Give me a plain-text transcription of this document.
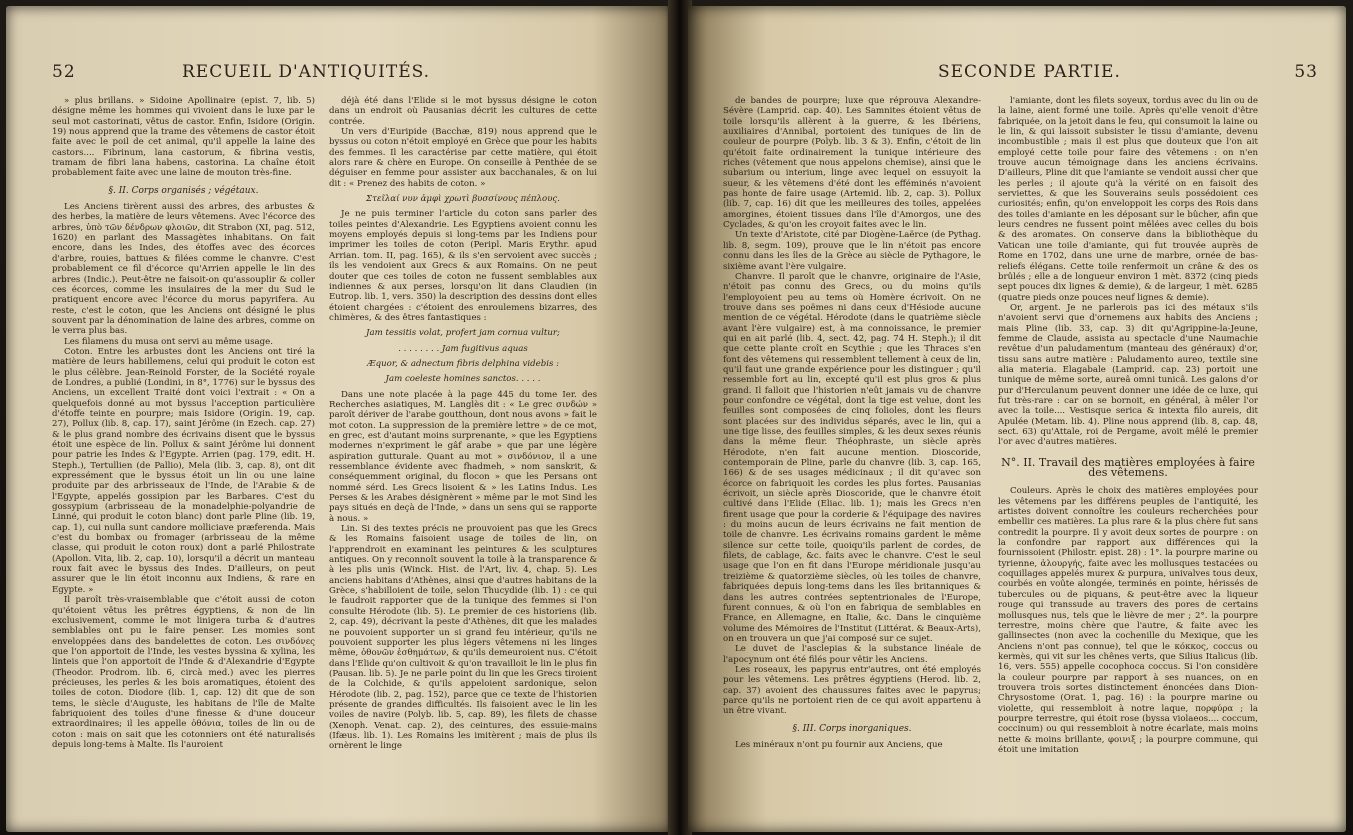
52	RECUEIL D'ANTIQUITÉS.

» plus brillans. » Sidoine Apollinaire (epist. 7, lib. 5) désigne même les hommes qui vivoient dans le luxe par le seul mot castorinati, vêtus de castor. Enfin, Isidore (Origin. 19) nous apprend que la trame des vêtemens de castor étoit faite avec le poil de cet animal, qu'il appelle la laine des castors.... Fibrinum, lana castorum, & fibrina vestis, tramam de fibri lana habens, castorina. La chaîne étoit probablement faite avec une laine de mouton très-fine.

§. II. Corps organisés ; végétaux.

Les Anciens tirèrent aussi des arbres, des arbustes & des herbes, la matière de leurs vêtemens. Avec l'écorce des arbres, ὑπὸ τῶν δένδρων φλοιῶν, dit Strabon (XI, pag. 512, 1620) en parlant des Massagètes inhabitans. On fait encore, dans les Indes, des étoffes avec des écorces d'arbre, rouies, battues & filées comme le chanvre. C'est probablement ce fil d'écorce qu'Arrien appelle le lin des arbres (Indic.). Peut-être ne faisoit-on qu'assouplir & coller ces écorces, comme les insulaires de la mer du Sud le pratiquent encore avec l'écorce du morus papyrifera. Au reste, c'est le coton, que les Anciens ont désigné le plus souvent par la dénomination de laine des arbres, comme on le verra plus bas.

Les filamens du musa ont servi au même usage.

Coton. Entre les arbustes dont les Anciens ont tiré la matière de leurs habillemens, celui qui produit le coton est le plus célèbre. Jean-Reinold Forster, de la Société royale de Londres, a publié (Londini, in 8°, 1776) sur le byssus des Anciens, un excellent Traité dont voici l'extrait : « On a quelquefois donné au mot byssus l'acception particulière d'étoffe teinte en pourpre; mais Isidore (Origin. 19, cap. 27), Pollux (lib. 8, cap. 17), saint Jérôme (in Ezech. cap. 27) & le plus grand nombre des écrivains disent que le byssus étoit une espèce de lin. Pollux & saint Jérôme lui donnent pour patrie les Indes & l'Egypte. Arrien (pag. 179, edit. H. Steph.), Tertullien (de Pallio), Mela (lib. 3, cap. 8), ont dit expressément que le byssus étoit un lin ou une laine produite par des arbrisseaux de l'Inde, de l'Arabie & de l'Egypte, appelés gossipion par les Barbares. C'est du gossypium (arbrisseau de la monadelphie-polyandrie de Linné, qui produit le coton blanc) dont parle Pline (lib. 19, cap. 1), cui nulla sunt candore molliciave præferenda. Mais c'est du bombax ou fromager (arbrisseau de la même classe, qui produit le coton roux) dont a parlé Philostrate (Apollon. Vita, lib. 2, cap. 10), lorsqu'il a décrit un manteau roux fait avec le byssus des Indes. D'ailleurs, on peut assurer que le lin étoit inconnu aux Indiens, & rare en Egypte. »

Il paroît très-vraisemblable que c'étoit aussi de coton qu'étoient vêtus les prêtres égyptiens, & non de lin exclusivement, comme le mot linigera turba & d'autres semblables ont pu le faire penser. Les momies sont enveloppées dans des bandelettes de coton. Les σινδόνες que l'on apportoit de l'Inde, les vestes byssina & xylina, les linteis que l'on apportoit de l'Inde & d'Alexandrie d'Egypte (Theodor. Prodrom. lib. 6, circà med.) avec les pierres précieuses, les perles & les bois aromatiques, étoient des toiles de coton. Diodore (lib. 1, cap. 12) dit que de son tems, le siècle d'Auguste, les habitans de l'île de Malte fabriquoient des toiles d'une finesse & d'une douceur extraordinaires; il les appelle ὀθόνια, toiles de lin ou de coton : mais on sait que les cotonniers ont été naturalisés depuis long-tems à Malte. Ils l'auroient

déjà été dans l'Elide si le mot byssus désigne le coton dans un endroit où Pausanias décrit les cultures de cette contrée.

Un vers d'Euripide (Bacchæ, 819) nous apprend que le byssus ou coton n'étoit employé en Grèce que pour les habits des femmes. Il les caractérise par cette matière, qui étoit alors rare & chère en Europe. On conseille à Penthée de se déguiser en femme pour assister aux bacchanales, & on lui dit : « Prenez des habits de coton. »

Στεῖλαί νυν ἀμφὶ χρωτὶ βυσσίνους πέπλους.

Je ne puis terminer l'article du coton sans parler des toiles peintes d'Alexandrie. Les Egyptiens avoient connu les moyens employés depuis si long-tems par les Indiens pour imprimer les toiles de coton (Peripl. Maris Erythr. apud Arrian. tom. II, pag. 165), & ils s'en servoient avec succès ; ils les vendoient aux Grecs & aux Romains. On ne peut douter que ces toiles de coton ne fussent semblables aux indiennes & aux perses, lorsqu'on lit dans Claudien (in Eutrop. lib. 1, vers. 350) la description des dessins dont elles étoient chargées : c'étoient des enroulemens bizarres, des chimères, & des êtres fantastiques :

Jam tessitis volat, profert jam cornua vultur;

. . . . . . . . Jam fugitivus aquas

Æquor, & adnectum fibris delphina videbis :

Jam coeleste homines sanctos. . . . .

Dans une note placée à la page 445 du tome Ier. des Recherches asiatiques, M. Langlès dit : « Le grec σινδών » paroît dériver de l'arabe goutthoun, dont nous avons » fait le mot coton. La suppression de la première lettre » de ce mot, en grec, est d'autant moins surprenante, » que les Egyptiens modernes n'expriment le gâf arabe » que par une légère aspiration gutturale. Quant au mot » σινδόνιον, il a une ressemblance évidente avec fhadmeh, » nom sanskrit, & conséquemment original, du flocon » que les Persans ont nommé sérd. Les Grecs lisoient & » les Latins Indus. Les Perses & les Arabes désignèrent » même par le mot Sind les pays situés en deçà de l'Inde, » dans un sens qui se rapporte à nous. »

Lin. Si des textes précis ne prouvoient pas que les Grecs & les Romains faisoient usage de toiles de lin, on l'apprendroit en examinant les peintures & les sculptures antiques. On y reconnoît souvent la toile à la transparence & à les plis unis (Winck. Hist. de l'Art, liv. 4, chap. 5). Les anciens habitans d'Athènes, ainsi que d'autres habitans de la Grèce, s'habilloient de toile, selon Thucydide (lib. 1) : ce qui le faudroit rapporter que de la tunique des femmes si l'on consulte Hérodote (lib. 5). Le premier de ces historiens (lib. 2, cap. 49), décrivant la peste d'Athènes, dit que les malades ne pouvoient supporter un si grand feu intérieur, qu'ils ne pouvoient supporter les plus légers vêtemens ni les linges même, ὀθονῶν ἐσθημάτων, & qu'ils demeuroient nus. C'étoit dans l'Elide qu'on cultivoit & qu'on travailloit le lin le plus fin (Pausan. lib. 5). Je ne parle point du lin que les Grecs tiroient de la Colchide, & qu'ils appeloient sardonique, selon Hérodote (lib. 2, pag. 152), parce que ce texte de l'historien présente de grandes difficultés. Ils faisoient avec le lin les voiles de navire (Polyb. lib. 5, cap. 89), les filets de chasse (Xenoph. Venat. cap. 2), des ceintures, des essuie-mains (Ifæus. lib. 1). Les Romains les imitèrent ; mais de plus ils ornèrent le linge

SECONDE PARTIE.	53

de bandes de pourpre; luxe que réprouva Alexandre-Sévère (Lamprid. cap. 40). Les Samnites étoient vêtus de toile lorsqu'ils allèrent à la guerre, & les Ibériens, auxiliaires d'Annibal, portoient des tuniques de lin de couleur de pourpre (Polyb. lib. 3 & 3). Enfin, c'étoit de lin qu'étoit faite ordinairement la tunique intérieure des riches (vêtement que nous appelons chemise), ainsi que le subarium ou interium, linge avec lequel on essuyoit la sueur, & les vêtemens d'été dont les efféminés n'avoient pas honte de faire usage (Artemid. lib. 2, cap. 3). Pollux (lib. 7, cap. 16) dit que les meilleures des toiles, appelées amorgines, étoient tissues dans l'île d'Amorgos, une des Cyclades, & qu'on les croyoit faites avec le lin.

Un texte d'Aristote, cité par Diogène-Laërce (de Pythag. lib. 8, segm. 109), prouve que le lin n'étoit pas encore connu dans les îles de la Grèce au siècle de Pythagore, le sixième avant l'ère vulgaire.

Chanvre. Il paroît que le chanvre, originaire de l'Asie, n'étoit pas connu des Grecs, ou du moins qu'ils l'employoient peu au tems où Homère écrivoit. On ne trouve dans ses poëmes ni dans ceux d'Hésiode aucune mention de ce végétal. Hérodote (dans le quatrième siècle avant l'ère vulgaire) est, à ma connoissance, le premier qui en ait parlé (lib. 4, sect. 42, pag. 74 H. Steph.); il dit que cette plante croît en Scythie ; que les Thraces s'en font des vêtemens qui ressemblent tellement à ceux de lin, qu'il faut une grande expérience pour les distinguer ; qu'il ressemble fort au lin, excepté qu'il est plus gros & plus grand. Il falloit que l'historien n'eût jamais vu de chanvre pour confondre ce végétal, dont la tige est velue, dont les feuilles sont composées de cinq folioles, dont les fleurs sont placées sur des individus séparés, avec le lin, qui a une tige lisse, des feuilles simples, & les deux sexes réunis dans la même fleur. Théophraste, un siècle après Hérodote, n'en fait aucune mention. Dioscoride, contemporain de Pline, parle du chanvre (lib. 3, cap. 165, 166) & de ses usages médicinaux ; il dit qu'avec son écorce on fabriquoit les cordes les plus fortes. Pausanias écrivoit, un siècle après Dioscoride, que le chanvre étoit cultivé dans l'Elide (Eliac. lib. 1); mais les Grecs n'en firent usage que pour la corderie & l'équipage des navires : du moins aucun de leurs écrivains ne fait mention de toile de chanvre. Les écrivains romains gardent le même silence sur cette toile, quoiqu'ils parlent de cordes, de filets, de cablage, &c. faits avec le chanvre. C'est le seul usage que l'on en fit dans l'Europe méridionale jusqu'au treizième & quatorzième siècles, où les toiles de chanvre, fabriquées depuis long-tems dans les îles britanniques & dans les autres contrées septentrionales de l'Europe, furent connues, & où l'on en fabriqua de semblables en France, en Allemagne, en Italie, &c. Dans le cinquième volume des Mémoires de l'Institut (Littérat. & Beaux-Arts), on en trouvera un que j'ai composé sur ce sujet.

Le duvet de l'asclepias & la substance linéale de l'apocynum ont été filés pour vêtir les Anciens.

Les roseaux, les papyrus entr'autres, ont été employés pour les vêtemens. Les prêtres égyptiens (Herod. lib. 2, cap. 37) avoient des chaussures faites avec le papyrus; parce qu'ils ne portoient rien de ce qui avoit appartenu à un être vivant.

§. III. Corps inorganiques.

Les minéraux n'ont pu fournir aux Anciens, que

l'amiante, dont les filets soyeux, tordus avec du lin ou de la laine, aient formé une toile. Après qu'elle venoit d'être fabriquée, on la jetoit dans le feu, qui consumoit la laine ou le lin, & qui laissoit subsister le tissu d'amiante, devenu incombustible ; mais il est plus que douteux que l'on ait employé cette toile pour faire des vêtemens : on n'en trouve aucun témoignage dans les anciens écrivains. D'ailleurs, Pline dit que l'amiante se vendoit aussi cher que les perles ; il ajoute qu'à la vérité on en faisoit des serviettes, & que les Souverains seuls possédoient ces curiosités; enfin, qu'on enveloppoit les corps des Rois dans des toiles d'amiante en les déposant sur le bûcher, afin que leurs cendres ne fussent point mêlées avec celles du bois & des aromates. On conserve dans la bibliothèque du Vatican une toile d'amiante, qui fut trouvée auprès de Rome en 1702, dans une urne de marbre, ornée de bas-reliefs élégans. Cette toile renfermoit un crâne & des os brûlés ; elle a de longueur environ 1 mèt. 8372 (cinq pieds sept pouces dix lignes & demie), & de largeur, 1 mèt. 6285 (quatre pieds onze pouces neuf lignes & demie).

Or, argent. Je ne parlerois pas ici des métaux s'ils n'avoient servi que d'ornemens aux habits des Anciens ; mais Pline (lib. 33, cap. 3) dit qu'Agrippine-la-Jeune, femme de Claude, assista au spectacle d'une Naumachie revêtue d'un paludamentum (manteau des généraux) d'or, tissu sans autre matière : Paludamento aureo, textile sine alia materia. Elagabale (Lamprid. cap. 23) portoit une tunique de même sorte, aureâ omni tunicâ. Les galons d'or pur d'Herculanum peuvent donner une idée de ce luxe, qui fut très-rare : car on se bornoit, en général, à mêler l'or avec la toile.... Vestisque serica & intexta filo aureis, dit Apulée (Metam. lib. 4). Pline nous apprend (lib. 8, cap. 48, sect. 63) qu'Attale, roi de Pergame, avoit mêlé le premier l'or avec d'autres matières.

N°. II. Travail des matières employées à faire des vêtemens.

Couleurs. Après le choix des matières employées pour les vêtemens par les différens peuples de l'antiquité, les artistes doivent connoître les couleurs recherchées pour embellir ces matières. La plus rare & la plus chère fut sans contredit la pourpre. Il y avoit deux sortes de pourpre : on la confondre par rapport aux différences qui la fournissoient (Philostr. epist. 28) : 1°. la pourpre marine ou tyrienne, ἁλουργής, faite avec les mollusques testacées ou coquillages appelés murex & purpura, univalves tous deux, courbés en voûte alongée, terminés en pointe, hérissés de tubercules ou de piquans, & peut-être avec la liqueur rouge qui transsude au travers des pores de certains mollusques nus, tels que le lièvre de mer ; 2°. la pourpre terrestre, moins chère que l'autre, & faite avec les gallinsectes (non avec la cochenille du Mexique, que les Anciens n'ont pas connue), tel que le κόκκος, coccus ou kermès, qui vit sur les chênes verts, que Silius Italicus (lib. 16, vers. 555) appelle cocophoca coccus. Si l'on considère la couleur pourpre par rapport à ses nuances, on en trouvera trois sortes distinctement énoncées dans Dion-Chrysostome (Orat. 1, pag. 16) : la pourpre marine ou violette, qui ressembloit à notre laque, πορφύρα ; la pourpre terrestre, qui étoit rose (byssa violaeos.... coccum, coccinum) ou qui ressembloit à notre écarlate, mais moins nette & moins brillante, φοινιξ ; la pourpre commune, qui étoit une imitation
